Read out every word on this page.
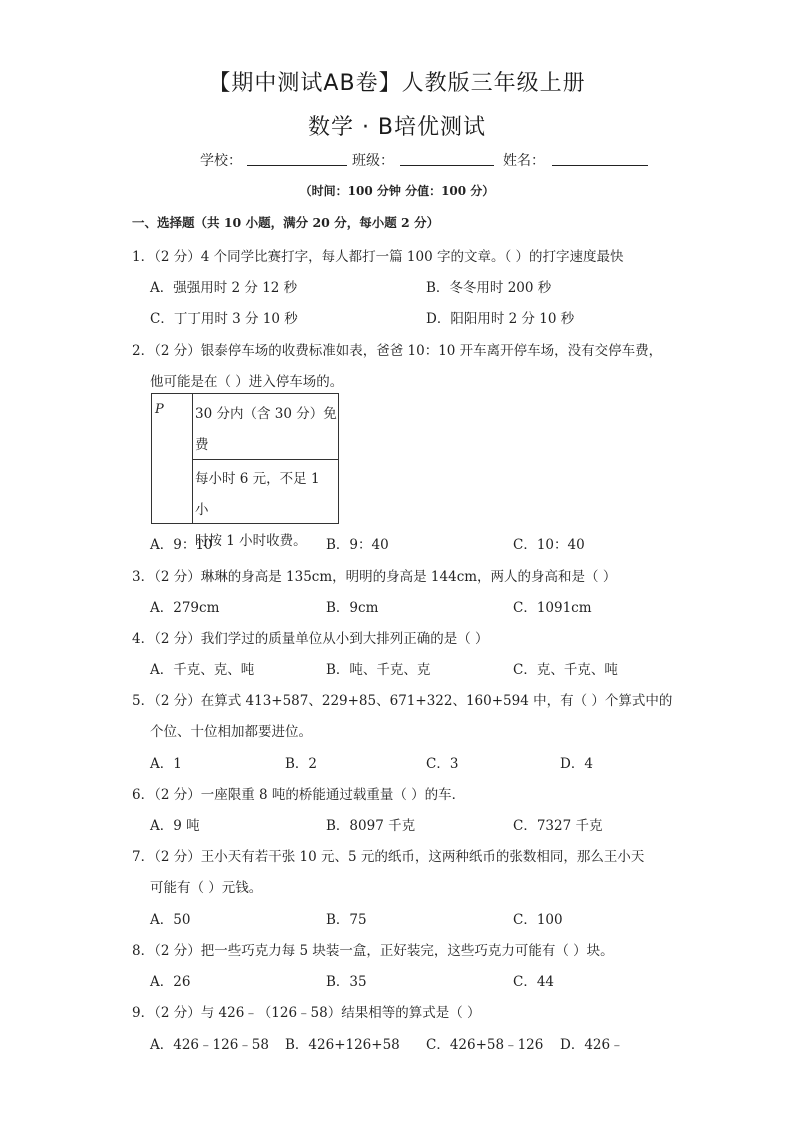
【期中测试AB卷】人教版三年级上册
数学 · B培优测试
学校：	班级：	姓名：
（时间：100 分钟 分值：100 分）
一、选择题（共 10 小题，满分 20 分，每小题 2 分）
1．（2 分）4 个同学比赛打字，每人都打一篇 100 字的文章。（ ）的打字速度最快
A．强强用时 2 分 12 秒	B．冬冬用时 200 秒
C．丁丁用时 3 分 10 秒	D．阳阳用时 2 分 10 秒
2．（2 分）银泰停车场的收费标准如表，爸爸 10：10 开车离开停车场，没有交停车费，
他可能是在（ ）进入停车场的。
P 30 分内（含 30 分）免
费
每小时 6 元，不足 1 小
时按 1 小时收费。
A．9：10	B．9：40	C．10：40
3．（2 分）琳琳的身高是 135cm，明明的身高是 144cm，两人的身高和是（ ）
A．279cm	B．9cm	C．1091cm
4．（2 分）我们学过的质量单位从小到大排列正确的是（ ）
A．千克、克、吨	B．吨、千克、克	C．克、千克、吨
5．（2 分）在算式 413+587、229+85、671+322、160+594 中，有（ ）个算式中的
个位、十位相加都要进位。
A．1	B．2	C．3	D．4
6．（2 分）一座限重 8 吨的桥能通过载重量（ ）的车．
A．9 吨	B．8097 千克	C．7327 千克
7．（2 分）王小天有若干张 10 元、5 元的纸币，这两种纸币的张数相同，那么王小天
可能有（ ）元钱。
A．50	B．75	C．100
8．（2 分）把一些巧克力每 5 块装一盒，正好装完，这些巧克力可能有（ ）块。
A．26	B．35	C．44
9．（2 分）与 426﹣（126﹣58）结果相等的算式是（ ）
A．426﹣126﹣58 B．426+126+58 C．426+58﹣126 D．426﹣
